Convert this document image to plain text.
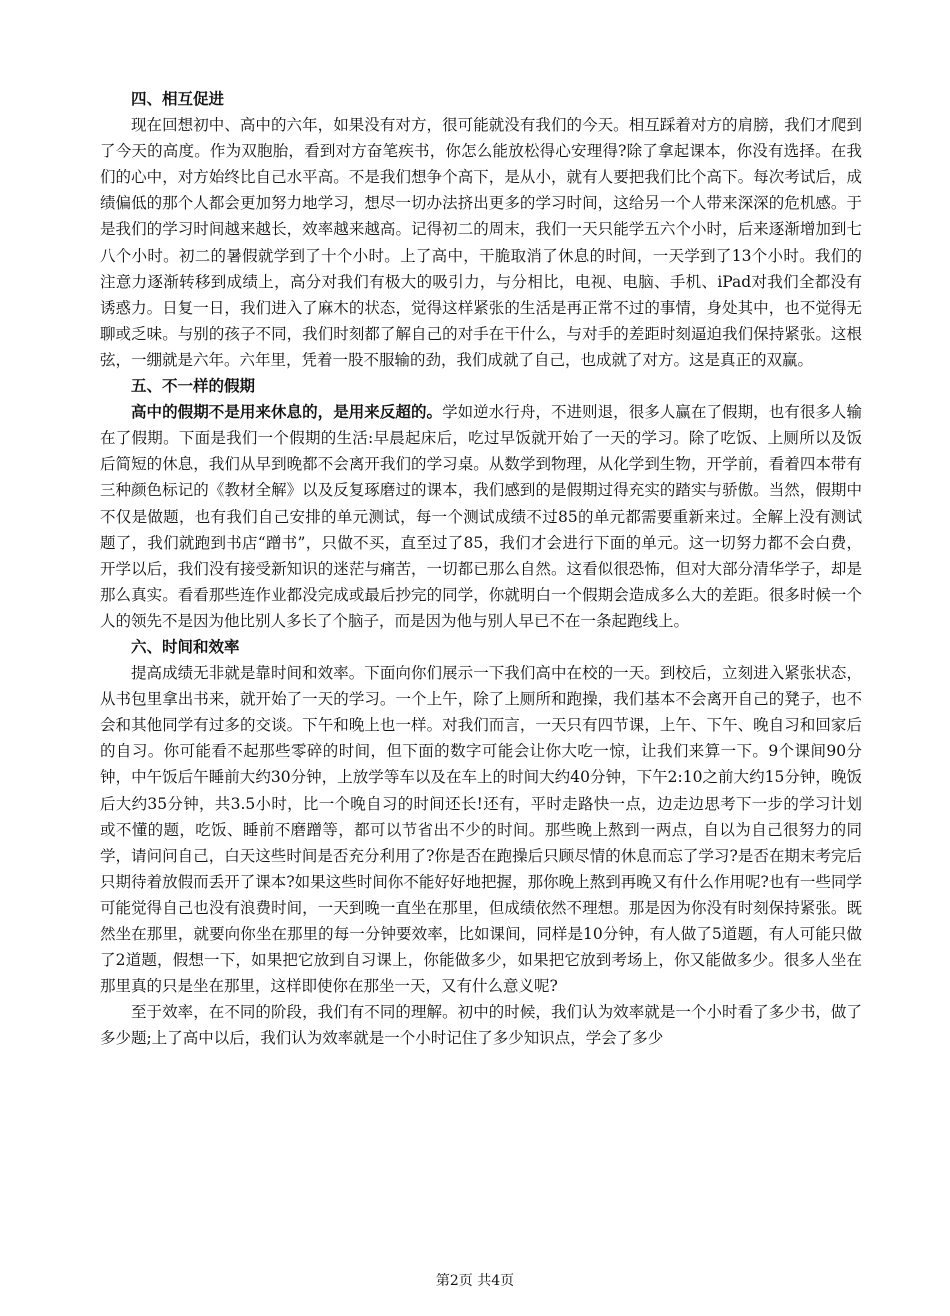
四、相互促进

现在回想初中、高中的六年，如果没有对方，很可能就没有我们的今天。相互踩着对方的肩膀，我们才爬到了今天的高度。作为双胞胎，看到对方奋笔疾书，你怎么能放松得心安理得?除了拿起课本，你没有选择。在我们的心中，对方始终比自己水平高。不是我们想争个高下，是从小，就有人要把我们比个高下。每次考试后，成绩偏低的那个人都会更加努力地学习，想尽一切办法挤出更多的学习时间，这给另一个人带来深深的危机感。于是我们的学习时间越来越长，效率越来越高。记得初二的周末，我们一天只能学五六个小时，后来逐渐增加到七八个小时。初二的暑假就学到了十个小时。上了高中，干脆取消了休息的时间，一天学到了13个小时。我们的注意力逐渐转移到成绩上，高分对我们有极大的吸引力，与分相比，电视、电脑、手机、iPad对我们全都没有诱惑力。日复一日，我们进入了麻木的状态，觉得这样紧张的生活是再正常不过的事情，身处其中，也不觉得无聊或乏味。与别的孩子不同，我们时刻都了解自己的对手在干什么，与对手的差距时刻逼迫我们保持紧张。这根弦，一绷就是六年。六年里，凭着一股不服输的劲，我们成就了自己，也成就了对方。这是真正的双赢。

五、不一样的假期

高中的假期不是用来休息的，是用来反超的。学如逆水行舟，不进则退，很多人赢在了假期，也有很多人输在了假期。下面是我们一个假期的生活:早晨起床后，吃过早饭就开始了一天的学习。除了吃饭、上厕所以及饭后简短的休息，我们从早到晚都不会离开我们的学习桌。从数学到物理，从化学到生物，开学前，看着四本带有三种颜色标记的《教材全解》以及反复琢磨过的课本，我们感到的是假期过得充实的踏实与骄傲。当然，假期中不仅是做题，也有我们自己安排的单元测试，每一个测试成绩不过85的单元都需要重新来过。全解上没有测试题了，我们就跑到书店“蹭书”，只做不买，直至过了85，我们才会进行下面的单元。这一切努力都不会白费，开学以后，我们没有接受新知识的迷茫与痛苦，一切都已那么自然。这看似很恐怖，但对大部分清华学子，却是那么真实。看看那些连作业都没完成或最后抄完的同学，你就明白一个假期会造成多么大的差距。很多时候一个人的领先不是因为他比别人多长了个脑子，而是因为他与别人早已不在一条起跑线上。

六、时间和效率

提高成绩无非就是靠时间和效率。下面向你们展示一下我们高中在校的一天。到校后，立刻进入紧张状态，从书包里拿出书来，就开始了一天的学习。一个上午，除了上厕所和跑操，我们基本不会离开自己的凳子，也不会和其他同学有过多的交谈。下午和晚上也一样。对我们而言，一天只有四节课，上午、下午、晚自习和回家后的自习。你可能看不起那些零碎的时间，但下面的数字可能会让你大吃一惊，让我们来算一下。9个课间90分钟，中午饭后午睡前大约30分钟，上放学等车以及在车上的时间大约40分钟，下午2:10之前大约15分钟，晚饭后大约35分钟，共3.5小时，比一个晚自习的时间还长!还有，平时走路快一点，边走边思考下一步的学习计划或不懂的题，吃饭、睡前不磨蹭等，都可以节省出不少的时间。那些晚上熬到一两点，自以为自己很努力的同学，请问问自己，白天这些时间是否充分利用了?你是否在跑操后只顾尽情的休息而忘了学习?是否在期末考完后只期待着放假而丢开了课本?如果这些时间你不能好好地把握，那你晚上熬到再晚又有什么作用呢?也有一些同学可能觉得自己也没有浪费时间，一天到晚一直坐在那里，但成绩依然不理想。那是因为你没有时刻保持紧张。既然坐在那里，就要向你坐在那里的每一分钟要效率，比如课间，同样是10分钟，有人做了5道题，有人可能只做了2道题，假想一下，如果把它放到自习课上，你能做多少，如果把它放到考场上，你又能做多少。很多人坐在那里真的只是坐在那里，这样即使你在那坐一天，又有什么意义呢?

至于效率，在不同的阶段，我们有不同的理解。初中的时候，我们认为效率就是一个小时看了多少书，做了多少题;上了高中以后，我们认为效率就是一个小时记住了多少知识点，学会了多少

第2页 共4页
